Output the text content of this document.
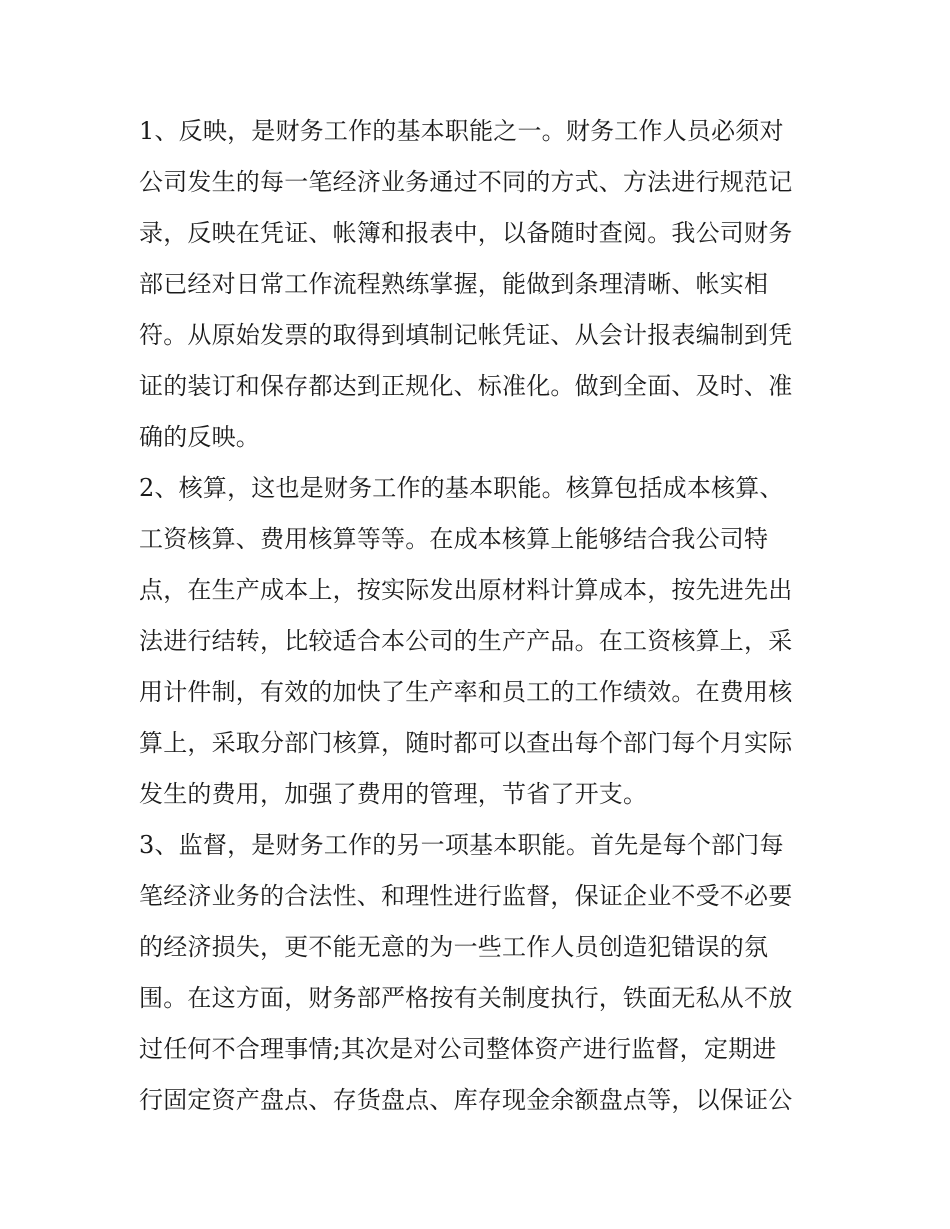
1、反映，是财务工作的基本职能之一。财务工作人员必须对
公司发生的每一笔经济业务通过不同的方式、方法进行规范记
录，反映在凭证、帐簿和报表中，以备随时查阅。我公司财务
部已经对日常工作流程熟练掌握，能做到条理清晰、帐实相
符。从原始发票的取得到填制记帐凭证、从会计报表编制到凭
证的装订和保存都达到正规化、标准化。做到全面、及时、准
确的反映。
2、核算，这也是财务工作的基本职能。核算包括成本核算、
工资核算、费用核算等等。在成本核算上能够结合我公司特
点，在生产成本上，按实际发出原材料计算成本，按先进先出
法进行结转，比较适合本公司的生产产品。在工资核算上，采
用计件制，有效的加快了生产率和员工的工作绩效。在费用核
算上，采取分部门核算，随时都可以查出每个部门每个月实际
发生的费用，加强了费用的管理，节省了开支。
3、监督，是财务工作的另一项基本职能。首先是每个部门每
笔经济业务的合法性、和理性进行监督，保证企业不受不必要
的经济损失，更不能无意的为一些工作人员创造犯错误的氛
围。在这方面，财务部严格按有关制度执行，铁面无私从不放
过任何不合理事情;其次是对公司整体资产进行监督，定期进
行固定资产盘点、存货盘点、库存现金余额盘点等，以保证公
